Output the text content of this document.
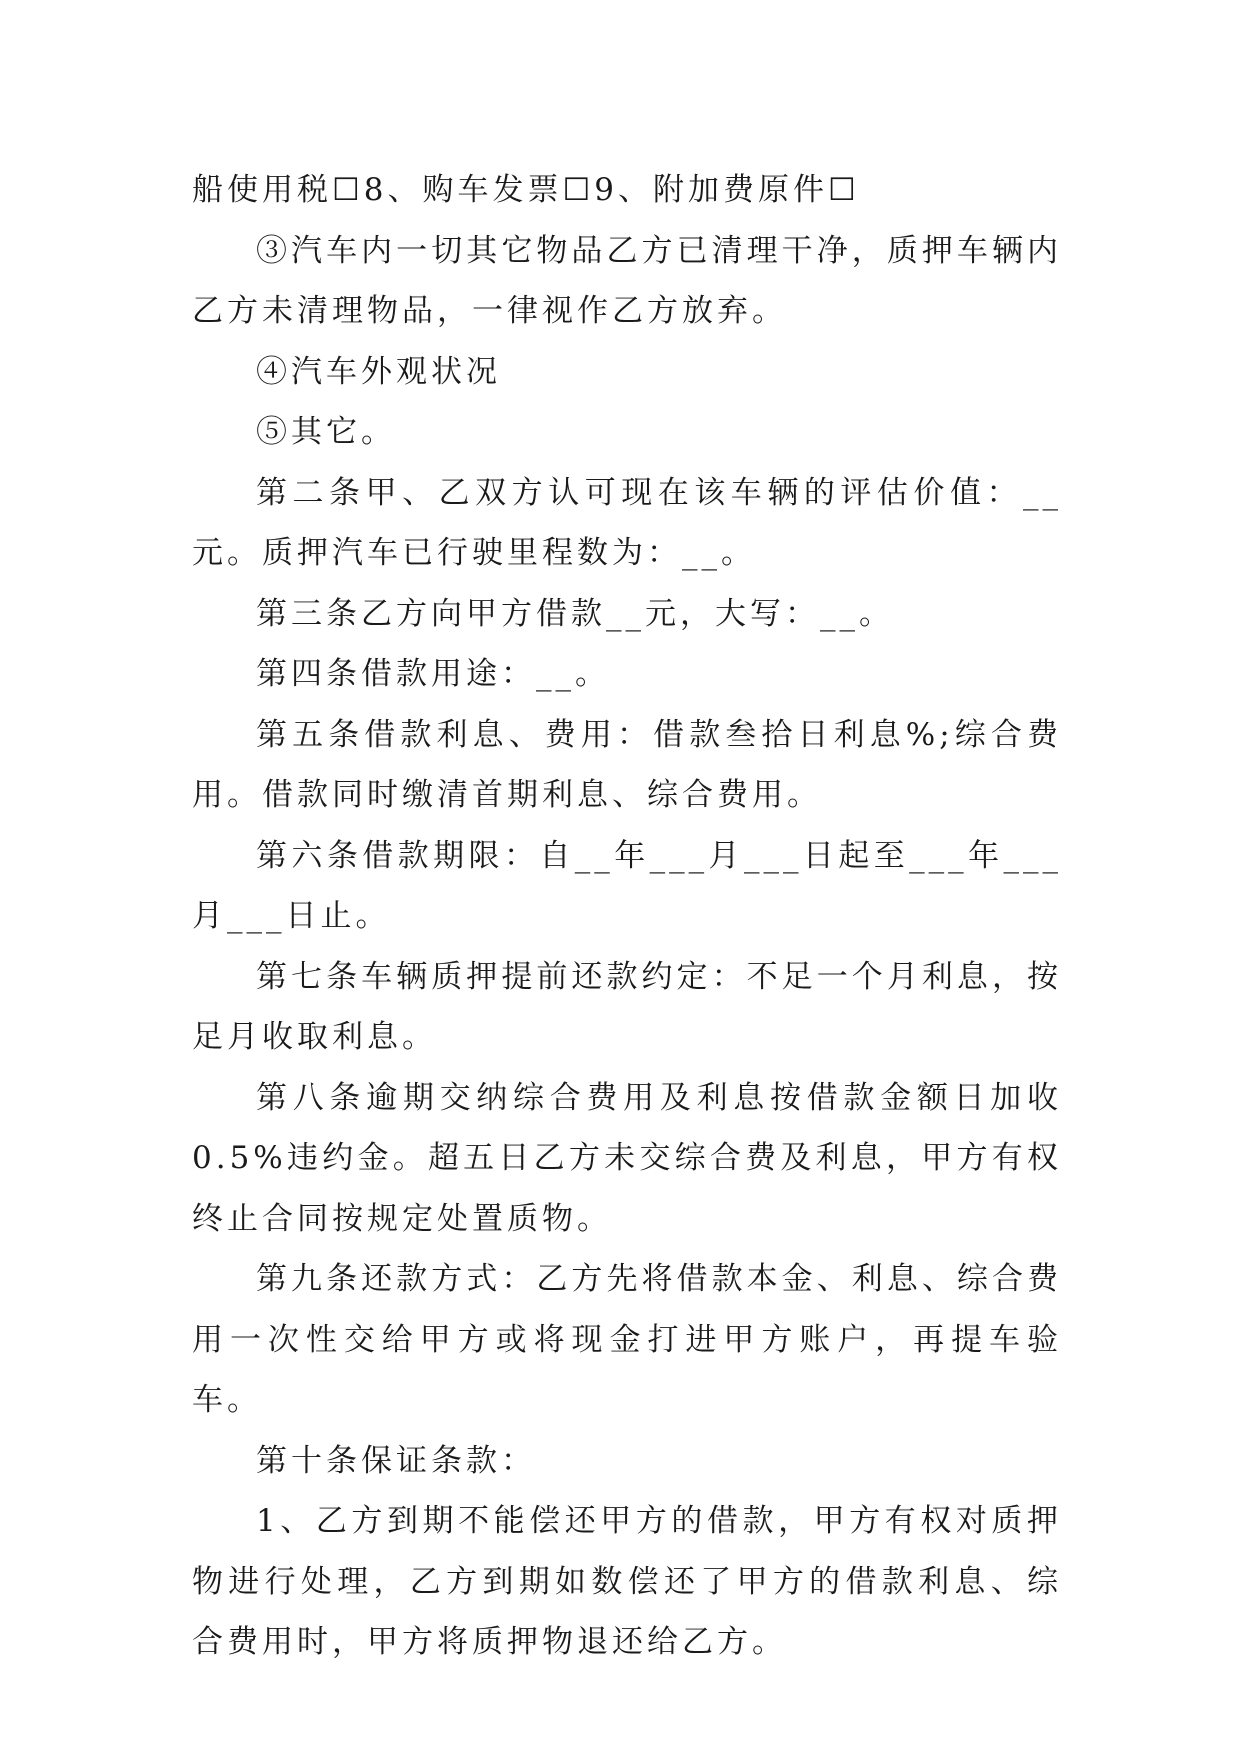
船使用税☐8、购车发票☐9、附加费原件☐

③汽车内一切其它物品乙方已清理干净，质押车辆内乙方未清理物品，一律视作乙方放弃。

④汽车外观状况

⑤其它。

第二条甲、乙双方认可现在该车辆的评估价值：__元。质押汽车已行驶里程数为：__。

第三条乙方向甲方借款__元，大写：__。

第四条借款用途：__。

第五条借款利息、费用：借款叁拾日利息%;综合费用。借款同时缴清首期利息、综合费用。

第六条借款期限：自__年___月___日起至___年___月___日止。

第七条车辆质押提前还款约定：不足一个月利息，按足月收取利息。

第八条逾期交纳综合费用及利息按借款金额日加收0.5%违约金。超五日乙方未交综合费及利息，甲方有权终止合同按规定处置质物。

第九条还款方式：乙方先将借款本金、利息、综合费用一次性交给甲方或将现金打进甲方账户，再提车验车。

第十条保证条款：

1、乙方到期不能偿还甲方的借款，甲方有权对质押物进行处理，乙方到期如数偿还了甲方的借款利息、综合费用时，甲方将质押物退还给乙方。
